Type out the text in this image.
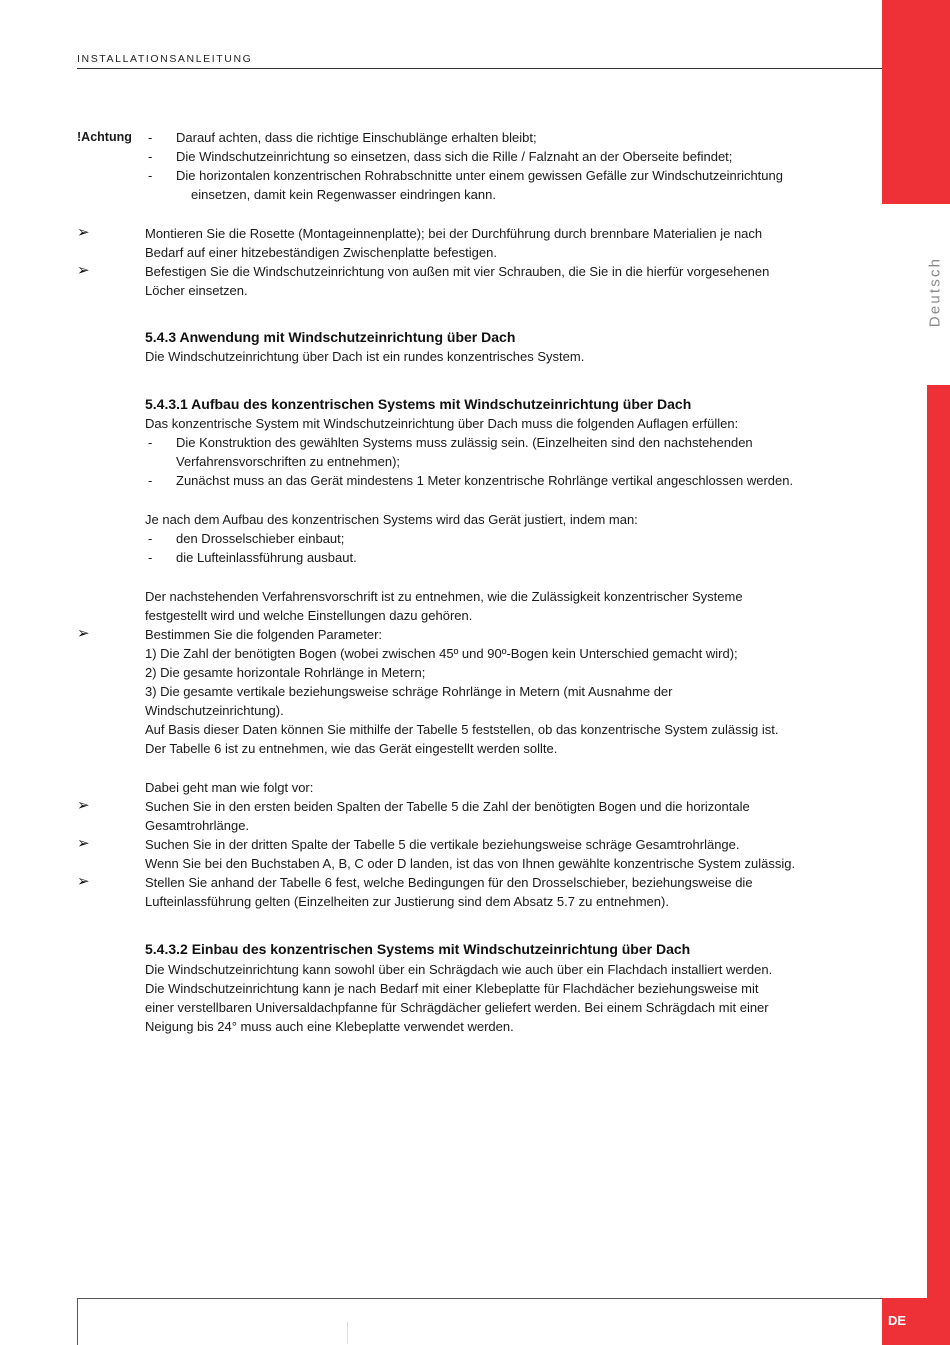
INSTALLATIONSANLEITUNG
DE
Deutsch
!Achtung - Darauf achten, dass die richtige Einschublänge erhalten bleibt;
- Die Windschutzeinrichtung so einsetzen, dass sich die Rille / Falznaht an der Oberseite befindet;
- Die horizontalen konzentrischen Rohrabschnitte unter einem gewissen Gefälle zur Windschutzeinrichtung
einsetzen, damit kein Regenwasser eindringen kann.
➢	Montieren Sie die Rosette (Montageinnenplatte); bei der Durchführung durch brennbare Materialien je nach
Bedarf auf einer hitzebeständigen Zwischenplatte befestigen.
➢	Befestigen Sie die Windschutzeinrichtung von außen mit vier Schrauben, die Sie in die hierfür vorgesehenen
Löcher einsetzen.
5.4.3 Anwendung mit Windschutzeinrichtung über Dach
Die Windschutzeinrichtung über Dach ist ein rundes konzentrisches System.
5.4.3.1 Aufbau des konzentrischen Systems mit Windschutzeinrichtung über Dach
Das konzentrische System mit Windschutzeinrichtung über Dach muss die folgenden Auflagen erfüllen:
- Die Konstruktion des gewählten Systems muss zulässig sein. (Einzelheiten sind den nachstehenden
Verfahrensvorschriften zu entnehmen);
- Zunächst muss an das Gerät mindestens 1 Meter konzentrische Rohrlänge vertikal angeschlossen werden.
Je nach dem Aufbau des konzentrischen Systems wird das Gerät justiert, indem man:
- den Drosselschieber einbaut;
- die Lufteinlassführung ausbaut.
Der nachstehenden Verfahrensvorschrift ist zu entnehmen, wie die Zulässigkeit konzentrischer Systeme
festgestellt wird und welche Einstellungen dazu gehören.
➢	Bestimmen Sie die folgenden Parameter:
1) Die Zahl der benötigten Bogen (wobei zwischen 45º und 90º-Bogen kein Unterschied gemacht wird);
2) Die gesamte horizontale Rohrlänge in Metern;
3) Die gesamte vertikale beziehungsweise schräge Rohrlänge in Metern (mit Ausnahme der
Windschutzeinrichtung).
Auf Basis dieser Daten können Sie mithilfe der Tabelle 5 feststellen, ob das konzentrische System zulässig ist.
Der Tabelle 6 ist zu entnehmen, wie das Gerät eingestellt werden sollte.
Dabei geht man wie folgt vor:
➢	Suchen Sie in den ersten beiden Spalten der Tabelle 5 die Zahl der benötigten Bogen und die horizontale
Gesamtrohrlänge.
➢	Suchen Sie in der dritten Spalte der Tabelle 5 die vertikale beziehungsweise schräge Gesamtrohrlänge.
Wenn Sie bei den Buchstaben A, B, C oder D landen, ist das von Ihnen gewählte konzentrische System zulässig.
➢	Stellen Sie anhand der Tabelle 6 fest, welche Bedingungen für den Drosselschieber, beziehungsweise die
Lufteinlassführung gelten (Einzelheiten zur Justierung sind dem Absatz 5.7 zu entnehmen).
5.4.3.2 Einbau des konzentrischen Systems mit Windschutzeinrichtung über Dach
Die Windschutzeinrichtung kann sowohl über ein Schrägdach wie auch über ein Flachdach installiert werden.
Die Windschutzeinrichtung kann je nach Bedarf mit einer Klebeplatte für Flachdächer beziehungsweise mit
einer verstellbaren Universaldachpfanne für Schrägdächer geliefert werden. Bei einem Schrägdach mit einer
Neigung bis 24° muss auch eine Klebeplatte verwendet werden.
